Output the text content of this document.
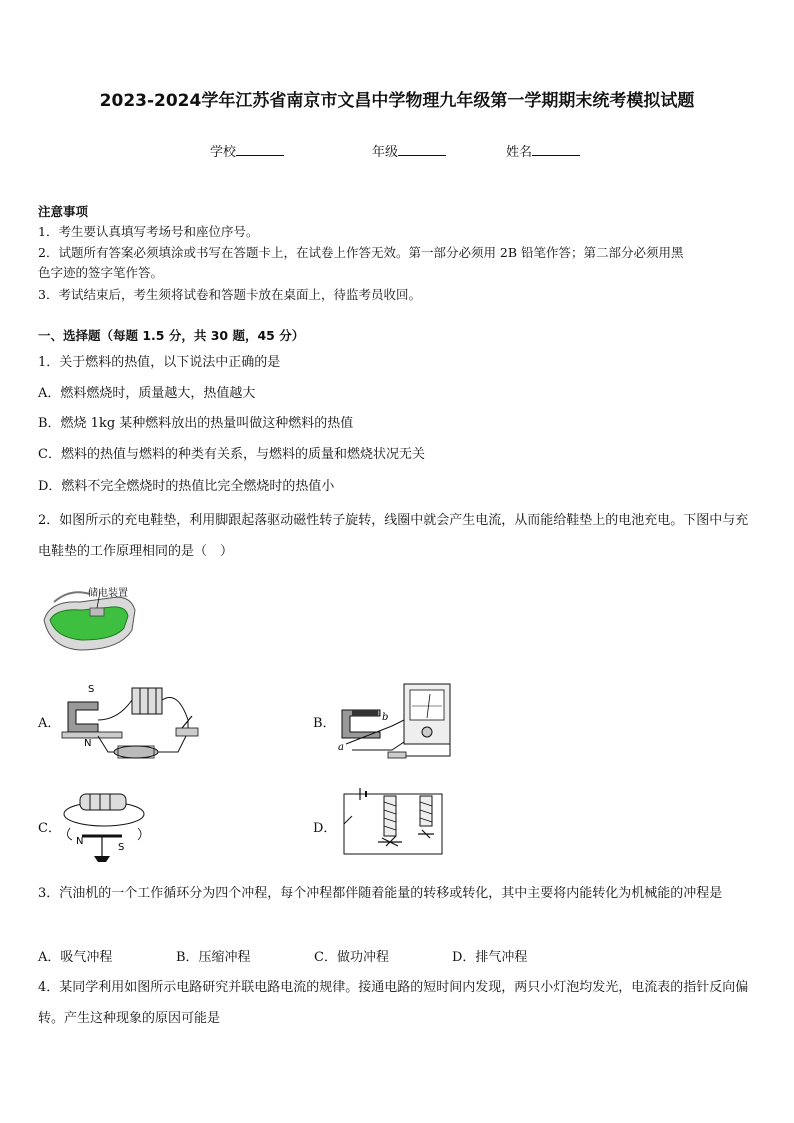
2023-2024学年江苏省南京市文昌中学物理九年级第一学期期末统考模拟试题
学校	年级	姓名
注意事项
1．考生要认真填写考场号和座位序号。
2．试题所有答案必须填涂或书写在答题卡上，在试卷上作答无效。第一部分必须用 2B 铅笔作答；第二部分必须用黑
色字迹的签字笔作答。
3．考试结束后，考生须将试卷和答题卡放在桌面上，待监考员收回。
一、选择题（每题 1.5 分，共 30 题，45 分）
1．关于燃料的热值，以下说法中正确的是
A．燃料燃烧时，质量越大，热值越大
B．燃烧 1kg 某种燃料放出的热量叫做这种燃料的热值
C．燃料的热值与燃料的种类有关系，与燃料的质量和燃烧状况无关
D．燃料不完全燃烧时的热值比完全燃烧时的热值小
2．如图所示的充电鞋垫，利用脚跟起落驱动磁性转子旋转，线圈中就会产生电流，从而能给鞋垫上的电池充电。下图中与充电鞋垫的工作原理相同的是（　）
储电装置
A．
S
N
B．
a
b
C．
N
S
D．
3．汽油机的一个工作循环分为四个冲程，每个冲程都伴随着能量的转移或转化，其中主要将内能转化为机械能的冲程是
A．吸气冲程	B．压缩冲程	C．做功冲程	D．排气冲程
4．某同学利用如图所示电路研究并联电路电流的规律。接通电路的短时间内发现，两只小灯泡均发光，电流表的指针反向偏转。产生这种现象的原因可能是
